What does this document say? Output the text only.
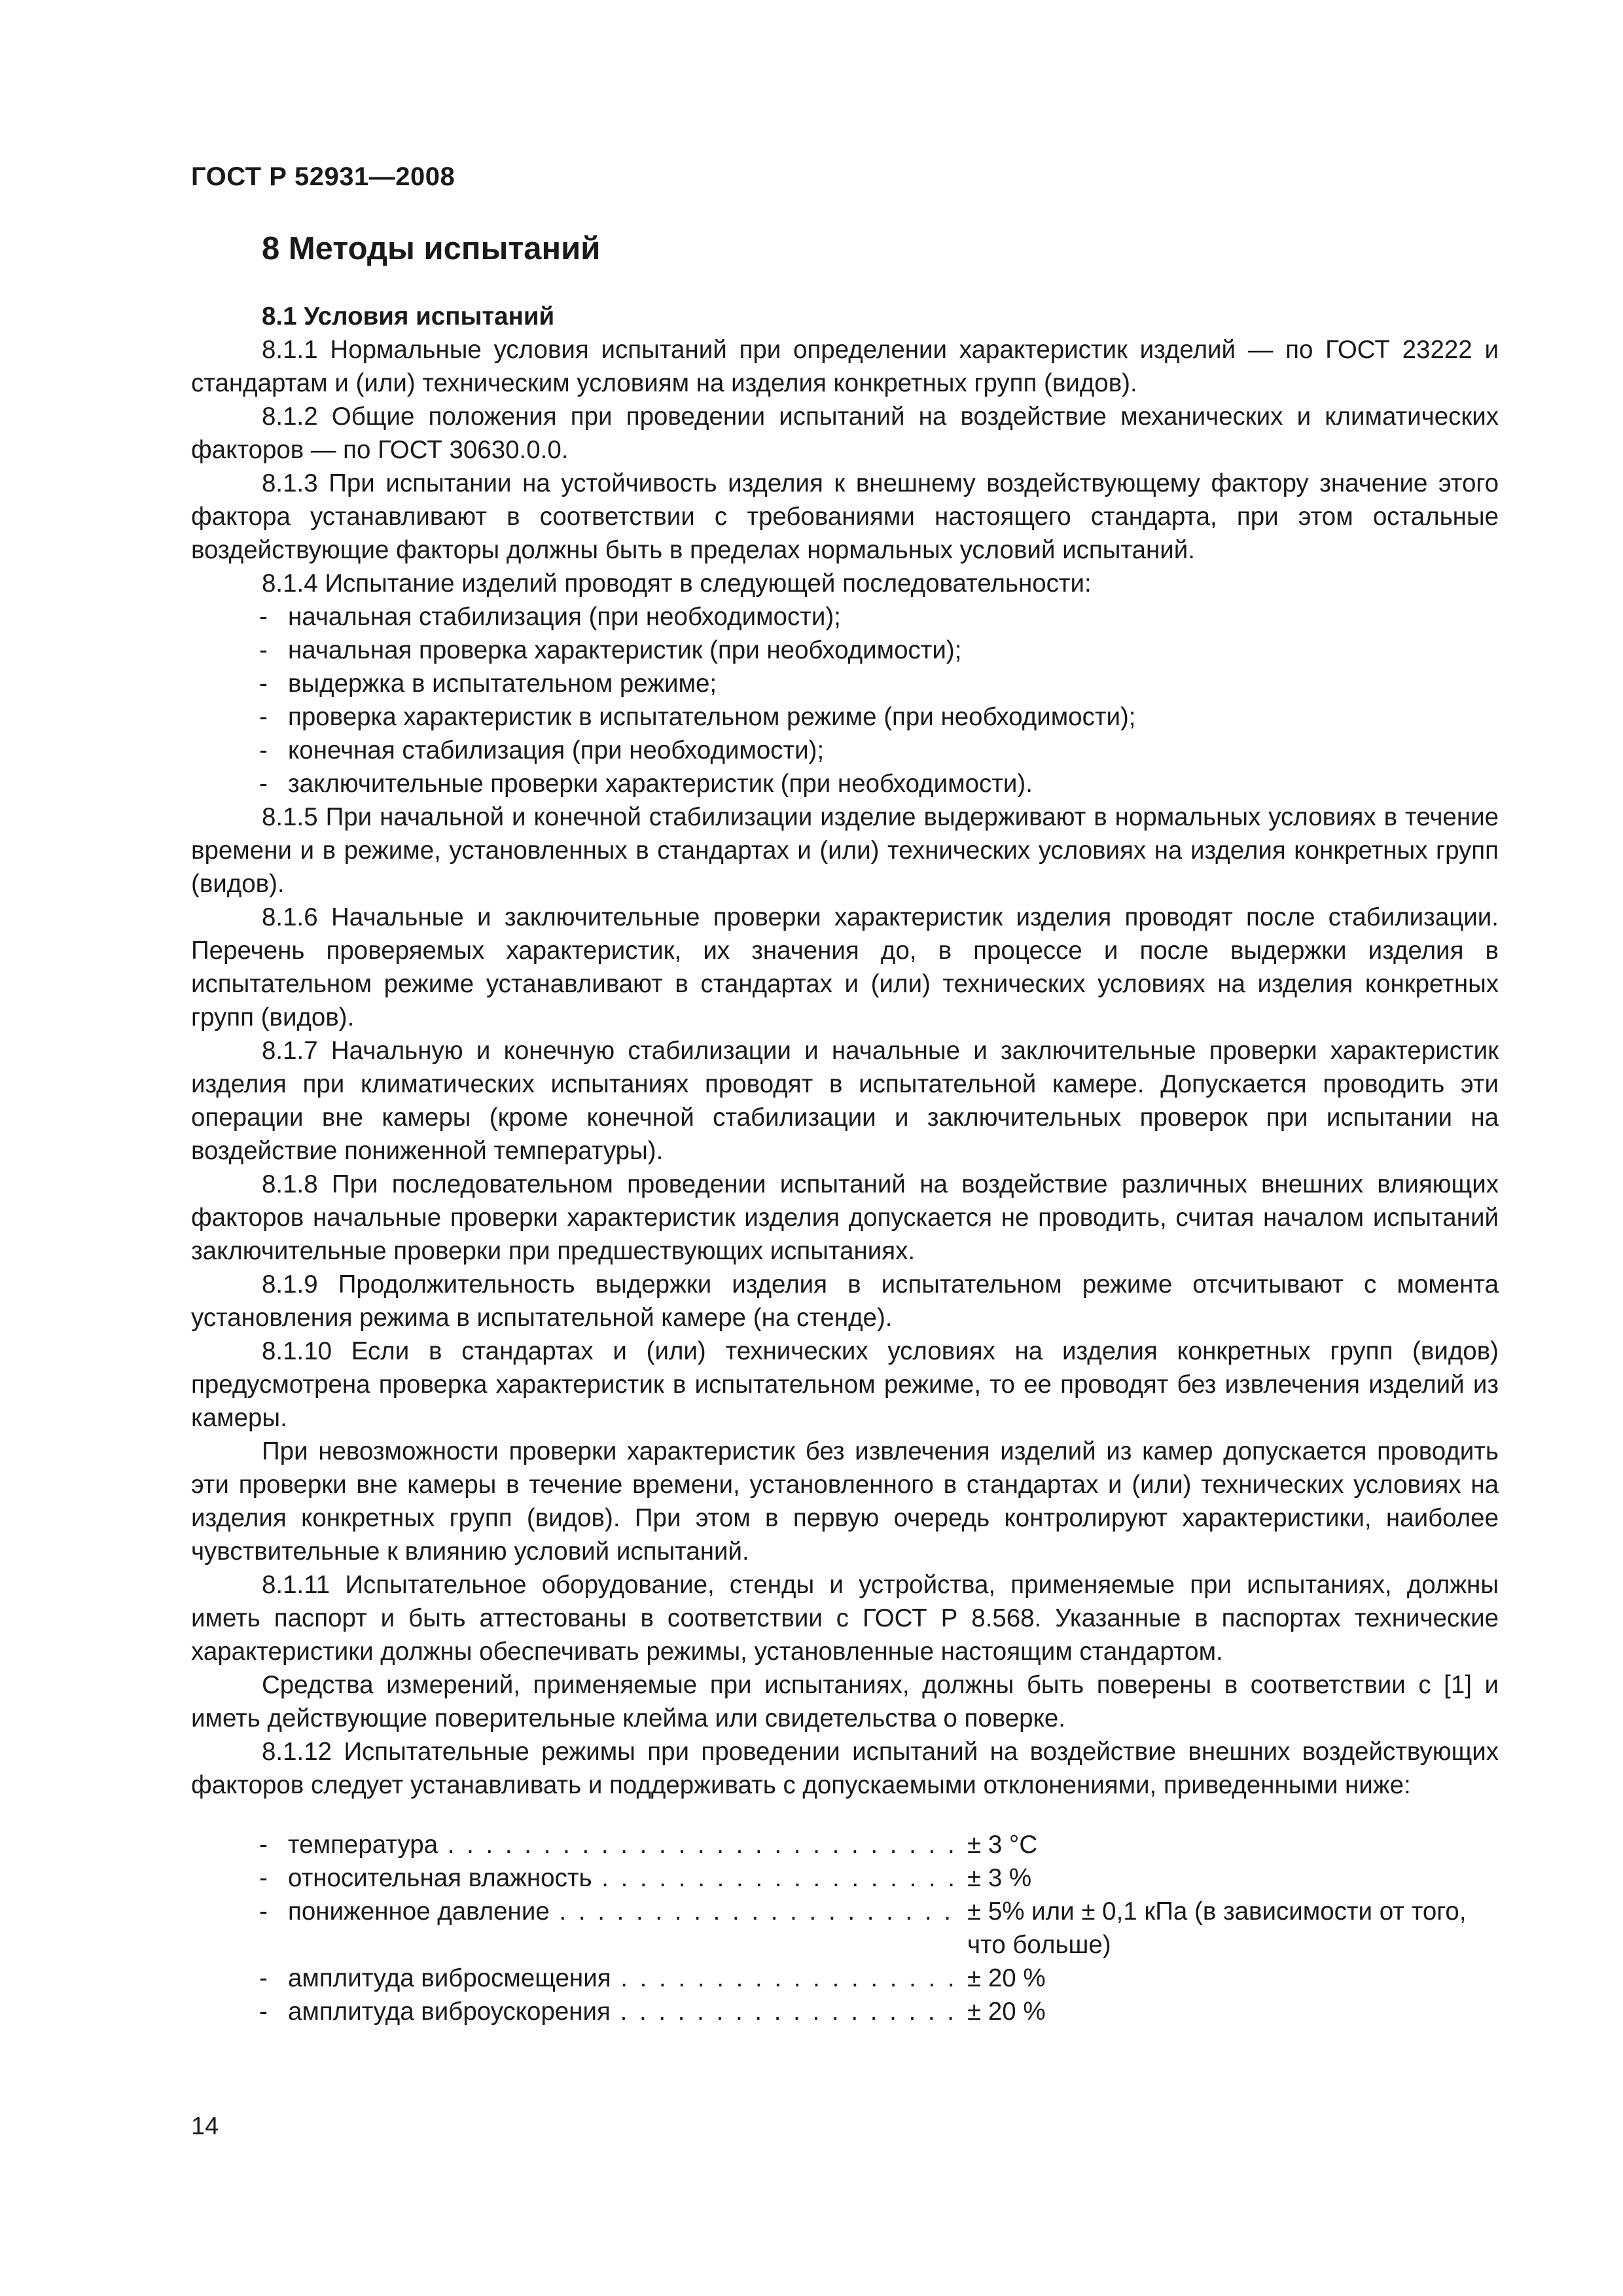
ГОСТ Р 52931—2008
8 Методы испытаний
8.1 Условия испытаний

8.1.1 Нормальные условия испытаний при определении характеристик изделий — по ГОСТ 23222 и стандартам и (или) техническим условиям на изделия конкретных групп (видов).

8.1.2 Общие положения при проведении испытаний на воздействие механических и климатических факторов — по ГОСТ 30630.0.0.

8.1.3 При испытании на устойчивость изделия к внешнему воздействующему фактору значение этого фактора устанавливают в соответствии с требованиями настоящего стандарта, при этом остальные воздействующие факторы должны быть в пределах нормальных условий испытаний.

8.1.4 Испытание изделий проводят в следующей последовательности:

- начальная стабилизация (при необходимости);
- начальная проверка характеристик (при необходимости);
- выдержка в испытательном режиме;
- проверка характеристик в испытательном режиме (при необходимости);
- конечная стабилизация (при необходимости);
- заключительные проверки характеристик (при необходимости).

8.1.5 При начальной и конечной стабилизации изделие выдерживают в нормальных условиях в течение времени и в режиме, установленных в стандартах и (или) технических условиях на изделия конкретных групп (видов).

8.1.6 Начальные и заключительные проверки характеристик изделия проводят после стабилизации. Перечень проверяемых характеристик, их значения до, в процессе и после выдержки изделия в испытательном режиме устанавливают в стандартах и (или) технических условиях на изделия конкретных групп (видов).

8.1.7 Начальную и конечную стабилизации и начальные и заключительные проверки характеристик изделия при климатических испытаниях проводят в испытательной камере. Допускается проводить эти операции вне камеры (кроме конечной стабилизации и заключительных проверок при испытании на воздействие пониженной температуры).

8.1.8 При последовательном проведении испытаний на воздействие различных внешних влияющих факторов начальные проверки характеристик изделия допускается не проводить, считая началом испытаний заключительные проверки при предшествующих испытаниях.

8.1.9 Продолжительность выдержки изделия в испытательном режиме отсчитывают с момента установления режима в испытательной камере (на стенде).

8.1.10 Если в стандартах и (или) технических условиях на изделия конкретных групп (видов) предусмотрена проверка характеристик в испытательном режиме, то ее проводят без извлечения изделий из камеры.

При невозможности проверки характеристик без извлечения изделий из камер допускается проводить эти проверки вне камеры в течение времени, установленного в стандартах и (или) технических условиях на изделия конкретных групп (видов). При этом в первую очередь контролируют характеристики, наиболее чувствительные к влиянию условий испытаний.

8.1.11 Испытательное оборудование, стенды и устройства, применяемые при испытаниях, должны иметь паспорт и быть аттестованы в соответствии с ГОСТ Р 8.568. Указанные в паспортах технические характеристики должны обеспечивать режимы, установленные настоящим стандартом.

Средства измерений, применяемые при испытаниях, должны быть поверены в соответствии с [1] и иметь действующие поверительные клейма или свидетельства о поверке.

8.1.12 Испытательные режимы при проведении испытаний на воздействие внешних воздействующих факторов следует устанавливать и поддерживать с допускаемыми отклонениями, приведенными ниже:

- температура . . .	± 3 °C
- относительная влажность . . .	± 3 %
- пониженное давление . . .	± 5% или ± 0,1 кПа (в зависимости от того, что больше)
- амплитуда вибросмещения . . .	± 20 %
- амплитуда виброускорения . . .	± 20 %
14
